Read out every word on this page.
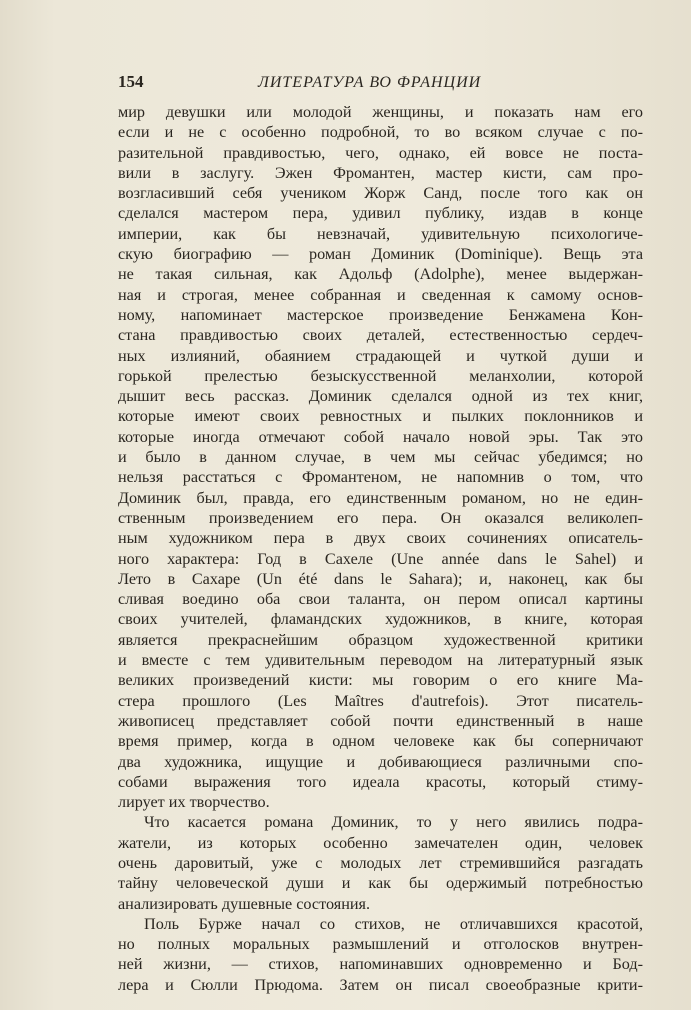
154	ЛИТЕРАТУРА ВО ФРАНЦИИ
мир девушки или молодой женщины, и показать нам его
если и не с особенно подробной, то во всяком случае с по-
разительной правдивостью, чего, однако, ей вовсе не поста-
вили в заслугу. Эжен Фромантен, мастер кисти, сам про-
возгласивший себя учеником Жорж Санд, после того как он
сделался мастером пера, удивил публику, издав в конце
империи, как бы невзначай, удивительную психологиче-
скую биографию — роман Доминик (Dominique). Вещь эта
не такая сильная, как Адольф (Adolphe), менее выдержан-
ная и строгая, менее собранная и сведенная к самому основ-
ному, напоминает мастерское произведение Бенжамена Кон-
стана правдивостью своих деталей, естественностью сердеч-
ных излияний, обаянием страдающей и чуткой души и
горькой прелестью безыскусственной меланхолии, которой
дышит весь рассказ. Доминик сделался одной из тех книг,
которые имеют своих ревностных и пылких поклонников и
которые иногда отмечают собой начало новой эры. Так это
и было в данном случае, в чем мы сейчас убедимся; но
нельзя расстаться с Фромантеном, не напомнив о том, что
Доминик был, правда, его единственным романом, но не един-
ственным произведением его пера. Он оказался великолеп-
ным художником пера в двух своих сочинениях описатель-
ного характера: Год в Сахеле (Une année dans le Sahel) и
Лето в Сахаре (Un été dans le Sahara); и, наконец, как бы
сливая воедино оба свои таланта, он пером описал картины
своих учителей, фламандских художников, в книге, которая
является прекраснейшим образцом художественной критики
и вместе с тем удивительным переводом на литературный язык
великих произведений кисти: мы говорим о его книге Ма-
стера прошлого (Les Maîtres d'autrefois). Этот писатель-
живописец представляет собой почти единственный в наше
время пример, когда в одном человеке как бы соперничают
два художника, ищущие и добивающиеся различными спо-
собами выражения того идеала красоты, который стиму-
лирует их творчество.
Что касается романа Доминик, то у него явились подра-
жатели, из которых особенно замечателен один, человек
очень даровитый, уже с молодых лет стремившийся разгадать
тайну человеческой души и как бы одержимый потребностью
анализировать душевные состояния.
Поль Бурже начал со стихов, не отличавшихся красотой,
но полных моральных размышлений и отголосков внутрен-
ней жизни, — стихов, напоминавших одновременно и Бод-
лера и Сюлли Прюдома. Затем он писал своеобразные крити-
